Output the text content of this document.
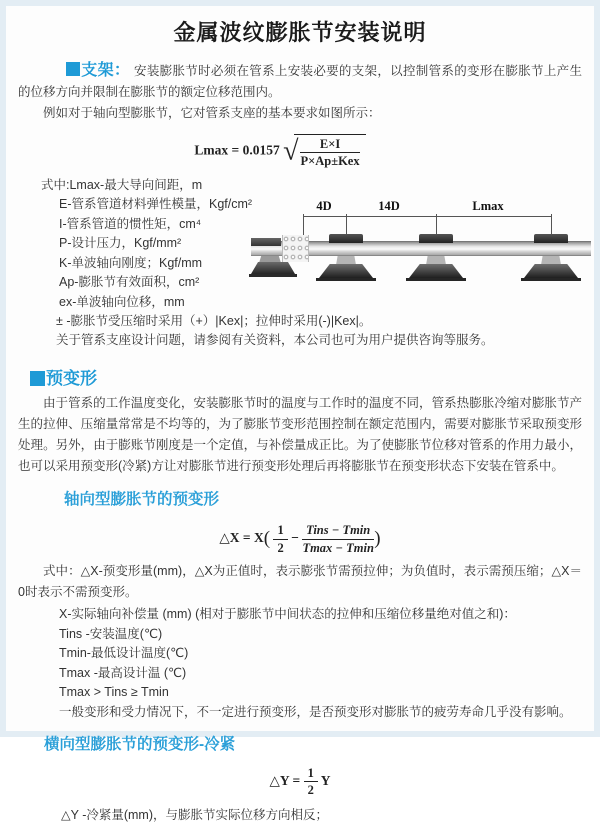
金属波纹膨胀节安装说明
支架： 安装膨胀节时必须在管系上安装必要的支架，以控制管系的变形在膨胀节上产生的位移方向并限制在膨胀节的额定位移范围内。
例如对于轴向型膨胀节，它对管系支座的基本要求如图所示：
Lmax = 0.0157 √ $\frac{E\times I}{\text{P×Ap±Kex}}$
式中:Lmax-最大导向间距，m
E-管系管道材料弹性模量，Kgf/cm²
I-管系管道的惯性矩，cm⁴
P-设计压力，Kgf/mm²
K-单波轴向刚度；Kgf/mm
Ap-膨胀节有效面积，cm²
ex-单波轴向位移，mm
± -膨胀节受压缩时采用（+）|Kex|；拉伸时采用(-)|Kex|。
关于管系支座设计问题，请参阅有关资料，本公司也可为用户提供咨询等服务。
4D	14D	Lmax
预变形
由于管系的工作温度变化，安装膨胀节时的温度与工作时的温度不同，管系热膨胀冷缩对膨胀节产生的拉伸、压缩量常常是不均等的，为了膨胀节变形范围控制在额定范围内，需要对膨胀节采取预变形处理。另外，由于膨账节刚度是一个定值，与补偿量成正比。为了使膨胀节位移对管系的作用力最小，也可以采用预变形(冷紧)方让对膨胀节进行预变形处理后再将膨胀节在预变形状态下安装在管系中。
轴向型膨胀节的预变形
△X = $X( \frac{1}{2} - \frac{\text{Tins − Tmin}}{Tmax - Tmin}$ )
式中：△X-预变形量(mm)，△X为正值时，表示膨张节需预拉伸；为负值时，表示需预压缩；△X＝0时表示不需预变形。
X-实际轴向补偿量 (mm) (相对于膨胀节中间状态的拉伸和压缩位移量绝对值之和)：
Tins -安装温度(℃)
Tmin-最低设计温度(℃)
Tmax -最高设计温 (℃)
Tmax > Tins ≥ Tmin
一般变形和受力情况下，不一定进行预变形，是否预变形对膨胀节的疲劳寿命几乎没有影响。
横向型膨胀节的预变形-冷紧
△Y = $\frac{1}{2}$ Y
△Y -冷紧量(mm)，与膨胀节实际位移方向相反；
